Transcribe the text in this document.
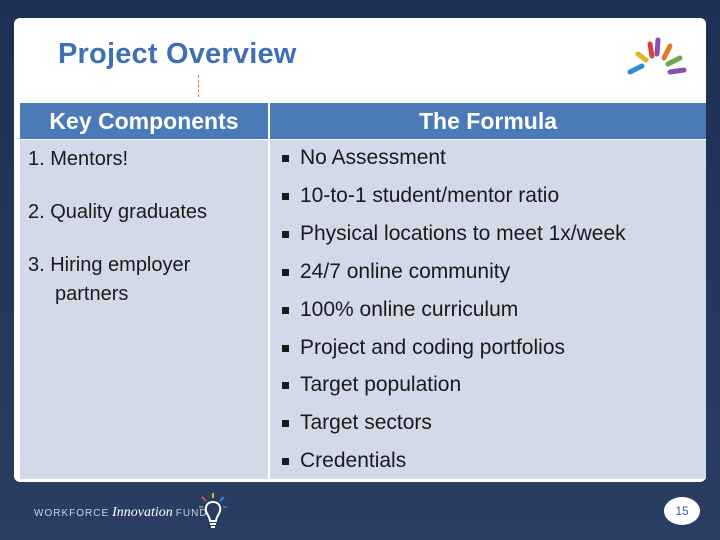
Project Overview
Key Components	The Formula
1. Mentors!
2. Quality graduates
3. Hiring employer
partners
No Assessment
10-to-1 student/mentor ratio
Physical locations to meet 1x/week
24/7 online community
100% online curriculum
Project and coding portfolios
Target population
Target sectors
Credentials
WORKFORCE Innovation FUND	15
